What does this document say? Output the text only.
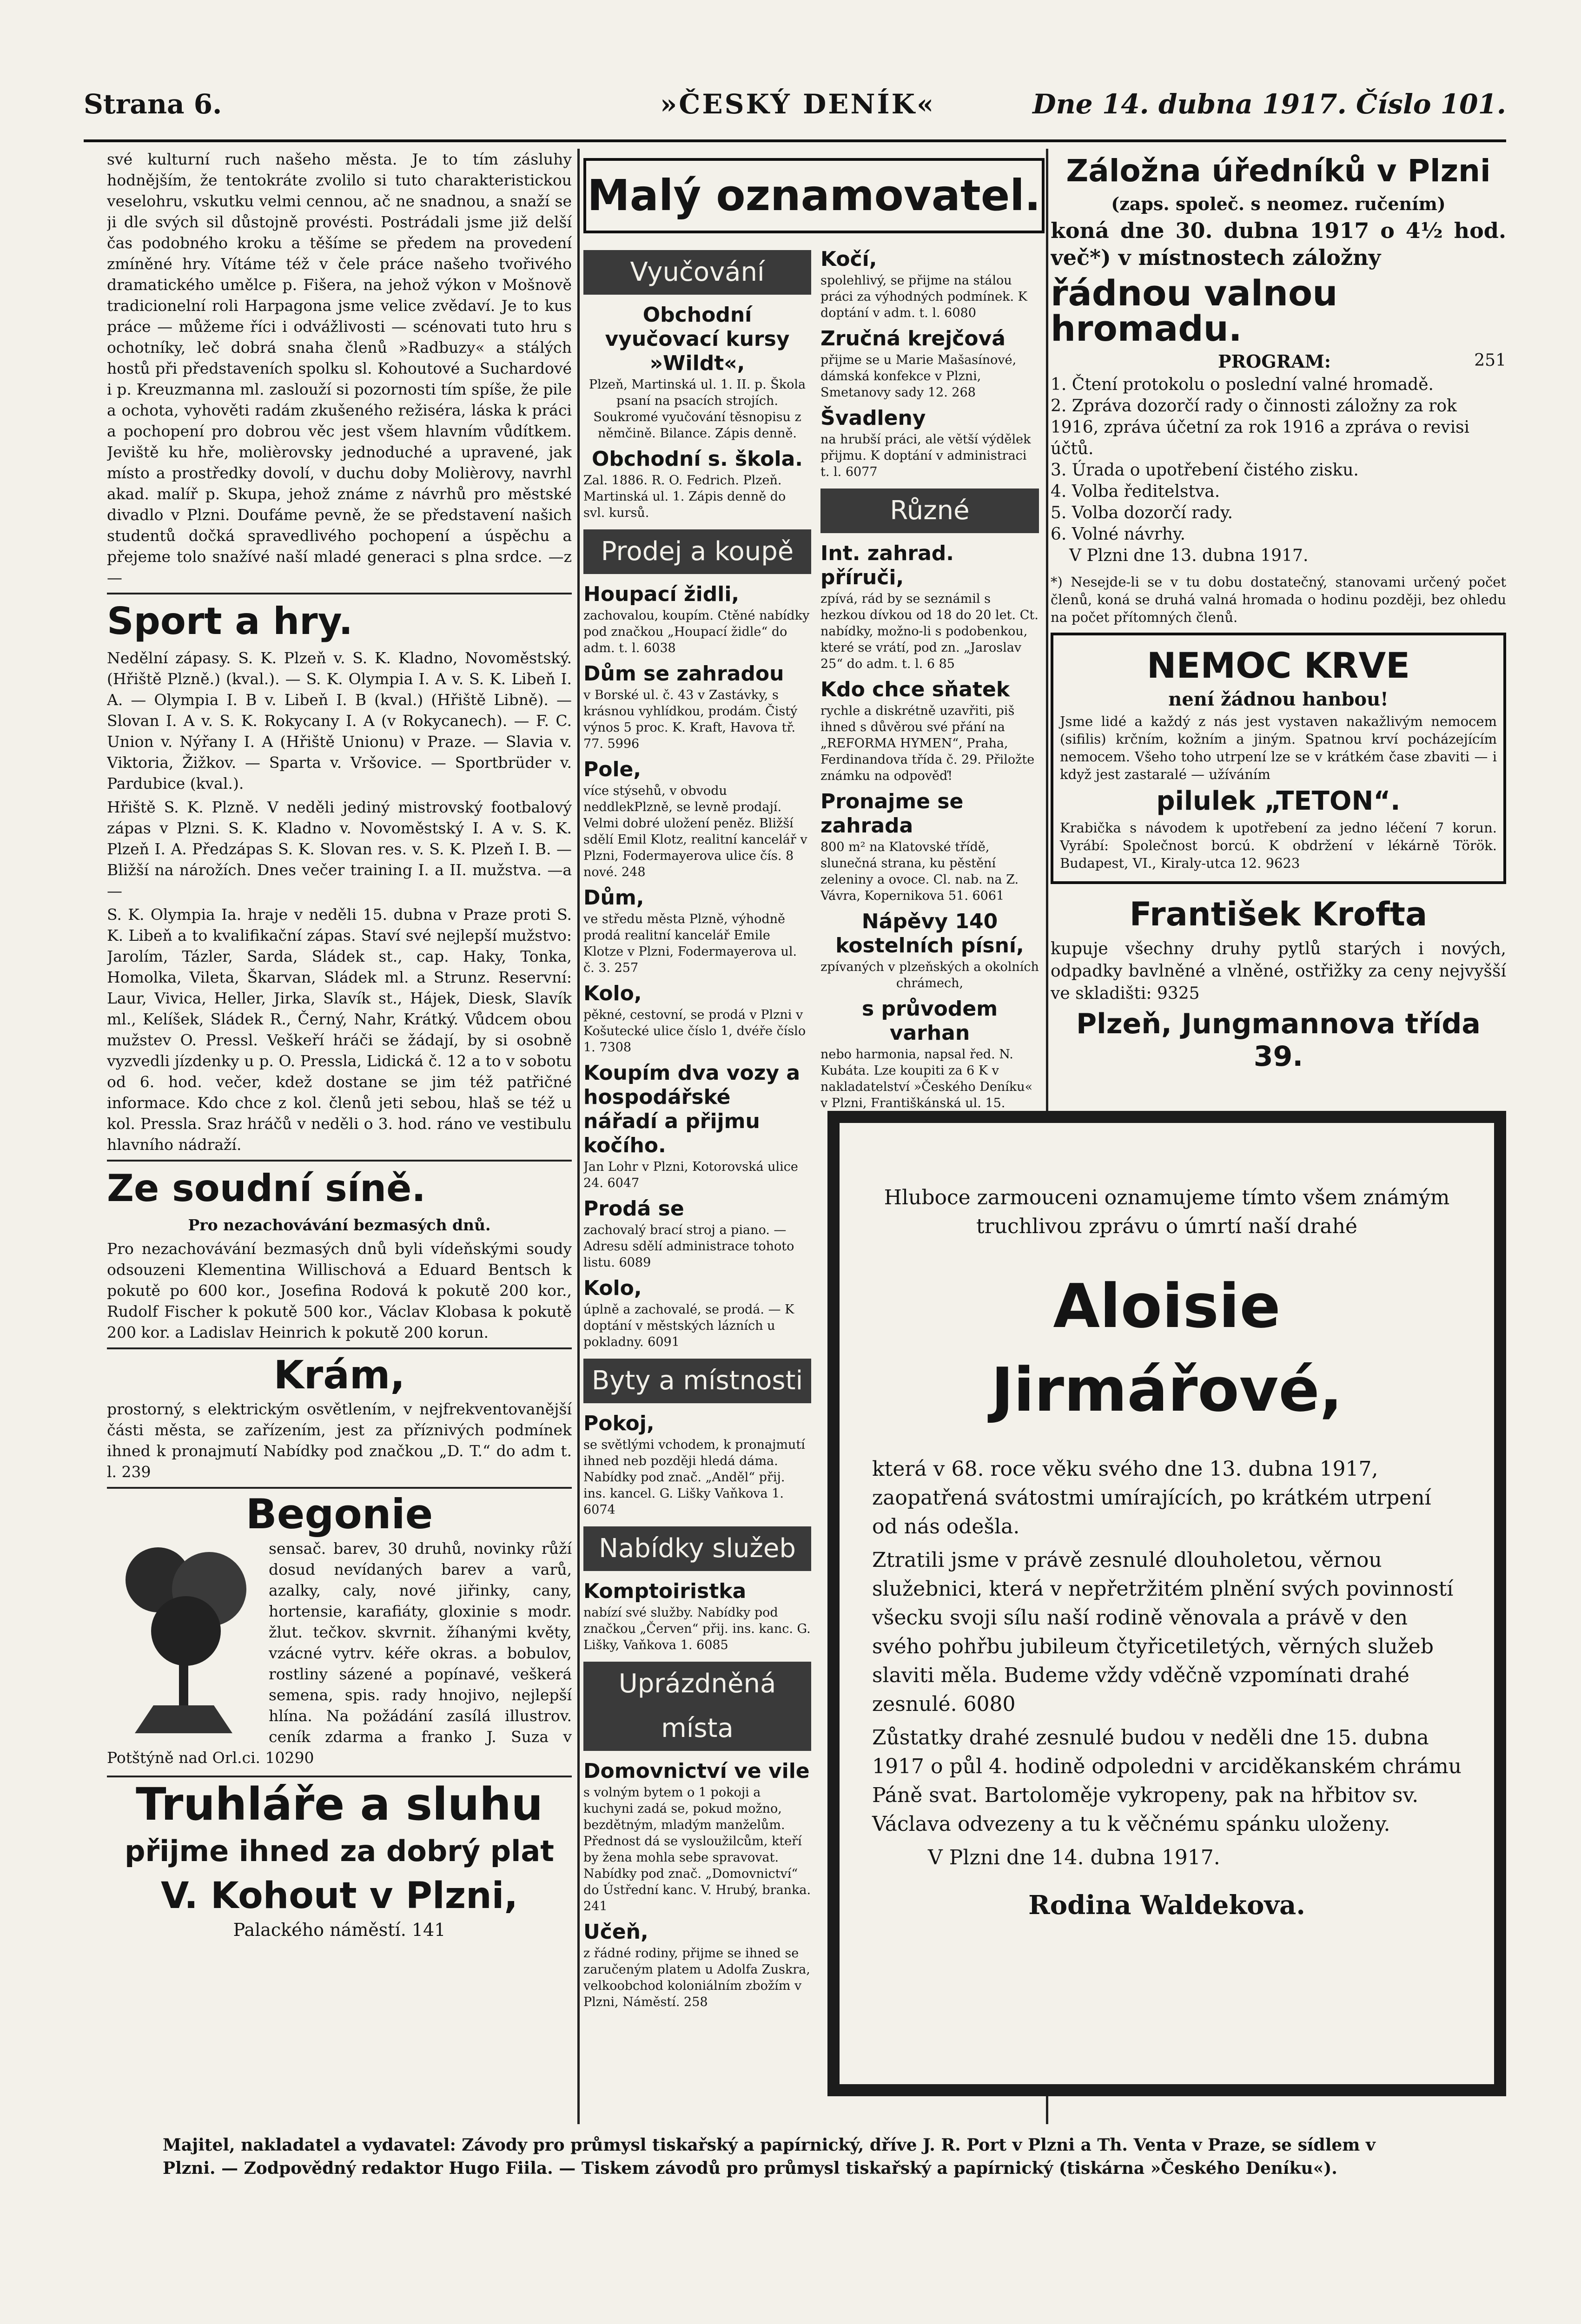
Strana 6.	»ČESKÝ DENÍK«	Dne 14. dubna 1917. Číslo 101.

své kulturní ruch našeho města. Je to tím zásluhy hodnějším, že tentokráte zvolilo si tuto charakteristickou veselohru, vskutku velmi cennou, ač ne snadnou, a snaží se ji dle svých sil důstojně provésti. Postrádali jsme již delší čas podobného kroku a těšíme se předem na provedení zmíněné hry. Vítáme též v čele práce našeho tvořivého dramatického umělce p. Fišera, na jehož výkon v Mošnově tradicionelní roli Harpagona jsme velice zvědaví. Je to kus práce — můžeme říci i odvážlivosti — scénovati tuto hru s ochotníky, leč dobrá snaha členů »Radbuzy« a stálých hostů při představeních spolku sl. Kohoutové a Suchardové i p. Kreuzmanna ml. zaslouží si pozornosti tím spíše, že pile a ochota, vyhověti radám zkušeného režiséra, láska k práci a pochopení pro dobrou věc jest všem hlavním vůdítkem. Jeviště ku hře, molièrovsky jednoduché a upravené, jak místo a prostředky dovolí, v duchu doby Molièrovy, navrhl akad. malíř p. Skupa, jehož známe z návrhů pro městské divadlo v Plzni. Doufáme pevně, že se představení našich studentů dočká spravedlivého pochopení a úspěchu a přejeme tolo snažívé naší mladé generaci s plna srdce. —z—

Sport a hry.

Nedělní zápasy. S. K. Plzeň v. S. K. Kladno, Novoměstský. (Hřiště Plzně.) (kval.). — S. K. Olympia I. A v. S. K. Libeň I. A. — Olympia I. B v. Libeň I. B (kval.) (Hřiště Libně). — Slovan I. A v. S. K. Rokycany I. A (v Rokycanech). — F. C. Union v. Nýřany I. A (Hřiště Unionu) v Praze. — Slavia v. Viktoria, Žižkov. — Sparta v. Vršovice. — Sportbrüder v. Pardubice (kval.).

Hřiště S. K. Plzně. V neděli jediný mistrovský footbalový zápas v Plzni. S. K. Kladno v. Novoměstský I. A v. S. K. Plzeň I. A. Předzápas S. K. Slovan res. v. S. K. Plzeň I. B. — Bližší na nárožích. Dnes večer training I. a II. mužstva. —a—

S. K. Olympia Ia. hraje v neděli 15. dubna v Praze proti S. K. Libeň a to kvalifikační zápas. Staví své nejlepší mužstvo: Jarolím, Tázler, Sarda, Sládek st., cap. Haky, Tonka, Homolka, Vileta, Škarvan, Sládek ml. a Strunz. Reservní: Laur, Vivica, Heller, Jirka, Slavík st., Hájek, Diesk, Slavík ml., Kelíšek, Sládek R., Černý, Nahr, Krátký. Vůdcem obou mužstev O. Pressl. Veškeří hráči se žádají, by si osobně vyzvedli jízdenky u p. O. Pressla, Lidická č. 12 a to v sobotu od 6. hod. večer, kdež dostane se jim též patřičné informace. Kdo chce z kol. členů jeti sebou, hlaš se též u kol. Pressla. Sraz hráčů v neděli o 3. hod. ráno ve vestibulu hlavního nádraží.

Ze soudní síně.

Pro nezachovávání bezmasých dnů.

Pro nezachovávání bezmasých dnů byli vídeňskými soudy odsouzeni Klementina Willischová a Eduard Bentsch k pokutě po 600 kor., Josefina Rodová k pokutě 200 kor., Rudolf Fischer k pokutě 500 kor., Václav Klobasa k pokutě 200 kor. a Ladislav Heinrich k pokutě 200 korun.

Krám,

prostorný, s elektrickým osvětlením, v nejfrekventovanější části města, se zařízením, jest za příznivých podmínek ihned k pronajmutí Nabídky pod značkou „D. T.“ do adm t. l. 239

Begonie

sensač. barev, 30 druhů, novinky růží dosud nevídaných barev a varů, azalky, caly, nové jiřinky, cany, hortensie, karafiáty, gloxinie s modr. žlut. tečkov. skvrnit. žíhanými květy, vzácné vytrv. kéře okras. a bobulov, rostliny sázené a popínavé, veškerá semena, spis. rady hnojivo, nejlepší hlína. Na požádání zasílá illustrov. ceník zdarma a franko J. Suza v Potštýně nad Orl.ci. 10290

Truhláře a sluhu
přijme ihned za dobrý plat
V. Kohout v Plzni,
Palackého náměstí. 141
Malý oznamovatel.
Vyučování
Obchodní vyučovací kursy »Wildt«,

Plzeň, Martinská ul. 1. II. p. Škola psaní na psacích strojích. Soukromé vyučování těsnopisu z němčině. Bilance. Zápis denně.

Obchodní s. škola.

Zal. 1886. R. O. Fedrich. Plzeň. Martinská ul. 1. Zápis denně do svl. kursů.

Prodej a koupě
Houpací židli,

zachovalou, koupím. Ctěné nabídky pod značkou „Houpací židle“ do adm. t. l. 6038

Dům se zahradou

v Borské ul. č. 43 v Zastávky, s krásnou vyhlídkou, prodám. Čistý výnos 5 proc. K. Kraft, Havova tř. 77. 5996

Pole,

více stýsehů, v obvodu neddlekPlzně, se levně prodají. Velmi dobré uložení peněz. Bližší sdělí Emil Klotz, realitní kancelář v Plzni, Fodermayerova ulice čís. 8 nové. 248

Dům,

ve středu města Plzně, výhodně prodá realitní kancelář Emile Klotze v Plzni, Fodermayerova ul. č. 3. 257

Kolo,

pěkné, cestovní, se prodá v Plzni v Košutecké ulice číslo 1, dvéře číslo 1. 7308

Koupím dva vozy a hospodářské nářadí a přijmu kočího.

Jan Lohr v Plzni, Kotorovská ulice 24. 6047

Prodá se

zachovalý brací stroj a piano. — Adresu sdělí administrace tohoto listu. 6089

Kolo,

úplně a zachovalé, se prodá. — K doptání v městských lázních u pokladny. 6091

Byty a místnosti
Pokoj,

se světlými vchodem, k pronajmutí ihned neb později hledá dáma. Nabídky pod znač. „Anděl“ přij. ins. kancel. G. Lišky Vaňkova 1. 6074

Nabídky služeb
Komptoiristka

nabízí své služby. Nabídky pod značkou „Červen“ přij. ins. kanc. G. Lišky, Vaňkova 1. 6085

Uprázdněná místa
Domovnictví ve vile

s volným bytem o 1 pokoji a kuchyni zadá se, pokud možno, bezdětným, mladým manželům. Přednost dá se vysloužilcům, kteří by žena mohla sebe spravovat. Nabídky pod znač. „Domovnictví“ do Ústřední kanc. V. Hrubý, branka. 241

Učeň,

z řádné rodiny, přijme se ihned se zaručeným platem u Adolfa Zuskra, velkoobchod koloniálním zbožím v Plzni, Náměstí. 258

Kočí,

spolehlivý, se přijme na stálou práci za výhodných podmínek. K doptání v adm. t. l. 6080

Zručná krejčová

přijme se u Marie Mašasínové, dámská konfekce v Plzni, Smetanovy sady 12. 268

Švadleny

na hrubší práci, ale větší výdělek přijmu. K doptání v administraci t. l. 6077

Různé
Int. zahrad. příruči,

zpívá, rád by se seznámil s hezkou dívkou od 18 do 20 let. Ct. nabídky, možno-li s podobenkou, které se vrátí, pod zn. „Jaroslav 25“ do adm. t. l. 6 85

Kdo chce sňatek

rychle a diskrétně uzavřiti, piš ihned s důvěrou své přání na „REFORMA HYMEN“, Praha, Ferdinandova třída č. 29. Přiložte známku na odpověď!

Pronajme se zahrada

800 m² na Klatovské třídě, slunečná strana, ku pěstění zeleniny a ovoce. Cl. nab. na Z. Vávra, Kopernikova 51. 6061

Nápěvy 140 kostelních písní,

zpívaných v plzeňských a okolních chrámech,

s průvodem varhan

nebo harmonia, napsal řed. N. Kubáta. Lze koupiti za 6 K v nakladatelství »Českého Deníku« v Plzni, Františkánská ul. 15.

Záložna úředníků v Plzni
(zaps. společ. s neomez. ručením)
koná dne 30. dubna 1917 o 4½ hod. več*) v místnostech záložny
řádnou valnou hromadu.
PROGRAM:	251

1. Čtení protokolu o poslední valné hromadě.

2. Zpráva dozorčí rady o činnosti záložny za rok 1916, zpráva účetní za rok 1916 a zpráva o revisi účtů.

3. Úrada o upotřebení čistého zisku.

4. Volba ředitelstva.

5. Volba dozorčí rady.

6. Volné návrhy.

V Plzni dne 13. dubna 1917.

*) Nesejde-li se v tu dobu dostatečný, stanovami určený počet členů, koná se druhá valná hromada o hodinu později, bez ohledu na počet přítomných členů.

NEMOC KRVE
není žádnou hanbou!

Jsme lidé a každý z nás jest vystaven nakažlivým nemocem (sifilis) krčním, kožním a jiným. Spatnou krví pocházejícím nemocem. Všeho toho utrpení lze se v krátkém čase zbaviti — i když jest zastaralé — užíváním

pilulek „TETON“.

Krabička s návodem k upotřebení za jedno léčení 7 korun. Vyrábí: Společnost borcú. K obdržení v lékárně Török. Budapest, VI., Kiraly-utca 12. 9623

František Krofta

kupuje všechny druhy pytlů starých i nových, odpadky bavlněné a vlněné, ostřižky za ceny nejvyšší ve skladišti: 9325

Plzeň, Jungmannova třída 39.

Hluboce zarmouceni oznamujeme tímto všem známým truchlivou zprávu o úmrtí naší drahé

Aloisie Jirmářové,

která v 68. roce věku svého dne 13. dubna 1917, zaopatřená svátostmi umírajících, po krátkém utrpení od nás odešla.

Ztratili jsme v právě zesnulé dlouholetou, věrnou služebnici, která v nepřetržitém plnění svých povinností všecku svoji sílu naší rodině věnovala a právě v den svého pohřbu jubileum čtyřicetiletých, věrných služeb slaviti měla. Budeme vždy vděčně vzpomínati drahé zesnulé. 6080

Zůstatky drahé zesnulé budou v neděli dne 15. dubna 1917 o půl 4. hodině odpoledni v arciděkanském chrámu Páně svat. Bartoloměje vykropeny, pak na hřbitov sv. Václava odvezeny a tu k věčnému spánku uloženy.

V Plzni dne 14. dubna 1917.

Rodina Waldekova.

Majitel, nakladatel a vydavatel: Závody pro průmysl tiskařský a papírnický, dříve J. R. Port v Plzni a Th. Venta v Praze, se sídlem v
Plzni. — Zodpovědný redaktor Hugo Fiila. — Tiskem závodů pro průmysl tiskařský a papírnický (tiskárna »Českého Deníku«).
